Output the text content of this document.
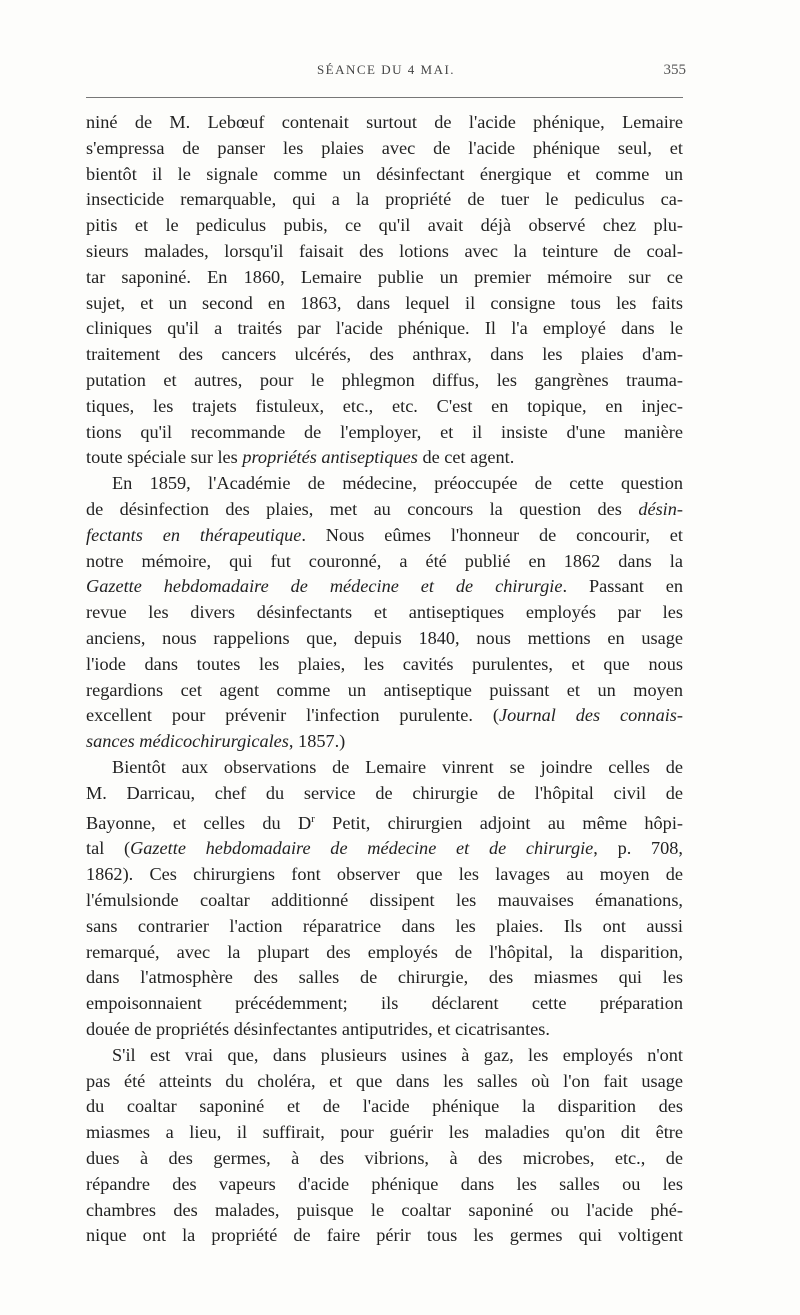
SÉANCE DU 4 MAI.	355

niné de M. Lebœuf contenait surtout de l'acide phénique, Lemaire
s'empressa de panser les plaies avec de l'acide phénique seul, et
bientôt il le signale comme un désinfectant énergique et comme un
insecticide remarquable, qui a la propriété de tuer le pediculus ca-
pitis et le pediculus pubis, ce qu'il avait déjà observé chez plu-
sieurs malades, lorsqu'il faisait des lotions avec la teinture de coal-
tar saponiné. En 1860, Lemaire publie un premier mémoire sur ce
sujet, et un second en 1863, dans lequel il consigne tous les faits
cliniques qu'il a traités par l'acide phénique. Il l'a employé dans le
traitement des cancers ulcérés, des anthrax, dans les plaies d'am-
putation et autres, pour le phlegmon diffus, les gangrènes trauma-
tiques, les trajets fistuleux, etc., etc. C'est en topique, en injec-
tions qu'il recommande de l'employer, et il insiste d'une manière
toute spéciale sur les propriétés antiseptiques de cet agent.

En 1859, l'Académie de médecine, préoccupée de cette question
de désinfection des plaies, met au concours la question des désin-
fectants en thérapeutique. Nous eûmes l'honneur de concourir, et
notre mémoire, qui fut couronné, a été publié en 1862 dans la
Gazette hebdomadaire de médecine et de chirurgie. Passant en
revue les divers désinfectants et antiseptiques employés par les
anciens, nous rappelions que, depuis 1840, nous mettions en usage
l'iode dans toutes les plaies, les cavités purulentes, et que nous
regardions cet agent comme un antiseptique puissant et un moyen
excellent pour prévenir l'infection purulente. (Journal des connais-
sances médicochirurgicales, 1857.)

Bientôt aux observations de Lemaire vinrent se joindre celles de
M. Darricau, chef du service de chirurgie de l'hôpital civil de
Bayonne, et celles du $D^r$ Petit, chirurgien adjoint au même hôpi-
tal (Gazette hebdomadaire de médecine et de chirurgie, p. 708,
1862). Ces chirurgiens font observer que les lavages au moyen de
l'émulsionde coaltar additionné dissipent les mauvaises émanations,
sans contrarier l'action réparatrice dans les plaies. Ils ont aussi
remarqué, avec la plupart des employés de l'hôpital, la disparition,
dans l'atmosphère des salles de chirurgie, des miasmes qui les
empoisonnaient précédemment; ils déclarent cette préparation
douée de propriétés désinfectantes antiputrides, et cicatrisantes.

S'il est vrai que, dans plusieurs usines à gaz, les employés n'ont
pas été atteints du choléra, et que dans les salles où l'on fait usage
du coaltar saponiné et de l'acide phénique la disparition des
miasmes a lieu, il suffirait, pour guérir les maladies qu'on dit être
dues à des germes, à des vibrions, à des microbes, etc., de
répandre des vapeurs d'acide phénique dans les salles ou les
chambres des malades, puisque le coaltar saponiné ou l'acide phé-
nique ont la propriété de faire périr tous les germes qui voltigent
